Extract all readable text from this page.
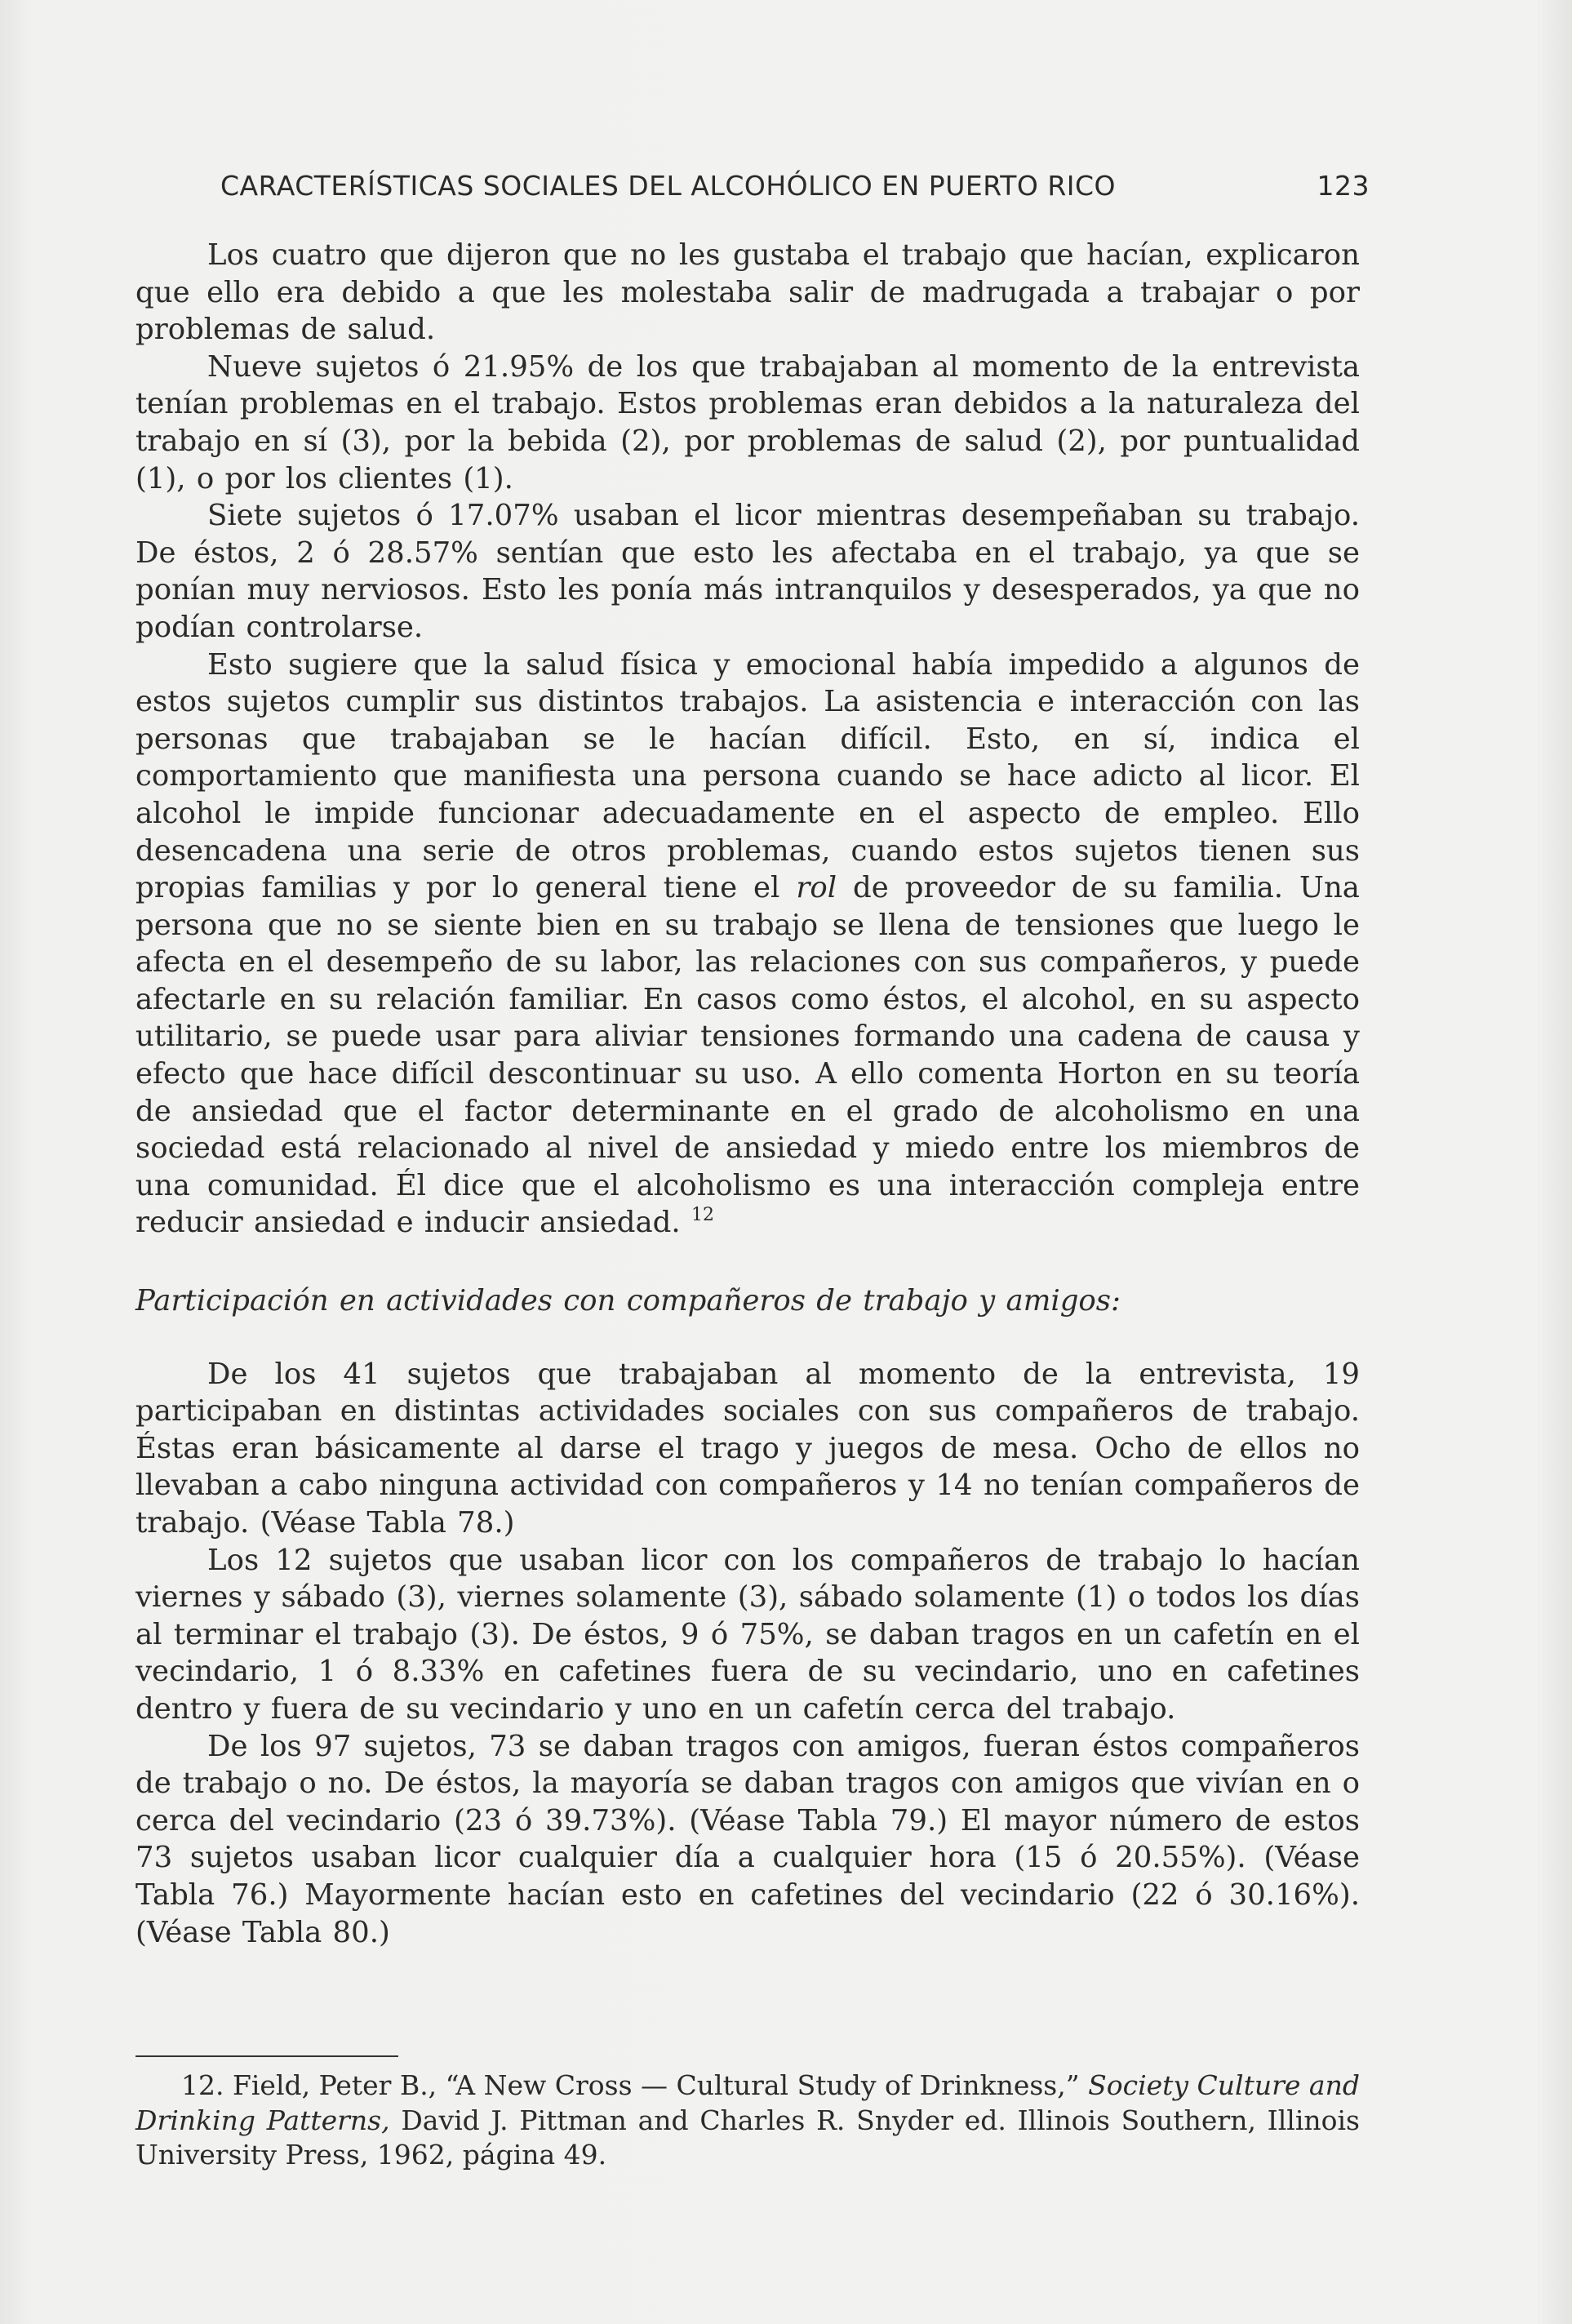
CARACTERÍSTICAS SOCIALES DEL ALCOHÓLICO EN PUERTO RICO	123

Los cuatro que dijeron que no les gustaba el trabajo que hacían, explicaron que ello era debido a que les molestaba salir de madrugada a trabajar o por problemas de salud.

Nueve sujetos ó 21.95% de los que trabajaban al momento de la entrevista tenían problemas en el trabajo. Estos problemas eran debidos a la naturaleza del trabajo en sí (3), por la bebida (2), por problemas de salud (2), por puntualidad (1), o por los clientes (1).

Siete sujetos ó 17.07% usaban el licor mientras desempeñaban su trabajo. De éstos, 2 ó 28.57% sentían que esto les afectaba en el trabajo, ya que se ponían muy nerviosos. Esto les ponía más intranquilos y desesperados, ya que no podían controlarse.

Esto sugiere que la salud física y emocional había impedido a algunos de estos sujetos cumplir sus distintos trabajos. La asistencia e interacción con las personas que trabajaban se le hacían difícil. Esto, en sí, indica el comportamiento que manifiesta una persona cuando se hace adicto al licor. El alcohol le impide funcionar adecuadamente en el aspecto de empleo. Ello desencadena una serie de otros problemas, cuando estos sujetos tienen sus propias familias y por lo general tiene el rol de proveedor de su familia. Una persona que no se siente bien en su trabajo se llena de tensiones que luego le afecta en el desempeño de su labor, las relaciones con sus compañeros, y puede afectarle en su relación familiar. En casos como éstos, el alcohol, en su aspecto utilitario, se puede usar para aliviar tensiones formando una cadena de causa y efecto que hace difícil descontinuar su uso. A ello comenta Horton en su teoría de ansiedad que el factor determinante en el grado de alcoholismo en una sociedad está relacionado al nivel de ansiedad y miedo entre los miembros de una comunidad. Él dice que el alcoholismo es una interacción compleja entre reducir ansiedad e inducir ansiedad. $^{12}$

Participación en actividades con compañeros de trabajo y amigos:

De los 41 sujetos que trabajaban al momento de la entrevista, 19 participaban en distintas actividades sociales con sus compañeros de trabajo. Éstas eran básicamente al darse el trago y juegos de mesa. Ocho de ellos no llevaban a cabo ninguna actividad con compañeros y 14 no tenían compañeros de trabajo. (Véase Tabla 78.)

Los 12 sujetos que usaban licor con los compañeros de trabajo lo hacían viernes y sábado (3), viernes solamente (3), sábado solamente (1) o todos los días al terminar el trabajo (3). De éstos, 9 ó 75%, se daban tragos en un cafetín en el vecindario, 1 ó 8.33% en cafetines fuera de su vecindario, uno en cafetines dentro y fuera de su vecindario y uno en un cafetín cerca del trabajo.

De los 97 sujetos, 73 se daban tragos con amigos, fueran éstos compañeros de trabajo o no. De éstos, la mayoría se daban tragos con amigos que vivían en o cerca del vecindario (23 ó 39.73%). (Véase Tabla 79.) El mayor número de estos 73 sujetos usaban licor cualquier día a cualquier hora (15 ó 20.55%). (Véase Tabla 76.) Mayormente hacían esto en cafetines del vecindario (22 ó 30.16%). (Véase Tabla 80.)

12. Field, Peter B., “A New Cross — Cultural Study of Drinkness,” Society Culture and Drinking Patterns, David J. Pittman and Charles R. Snyder ed. Illinois Southern, Illinois University Press, 1962, página 49.
